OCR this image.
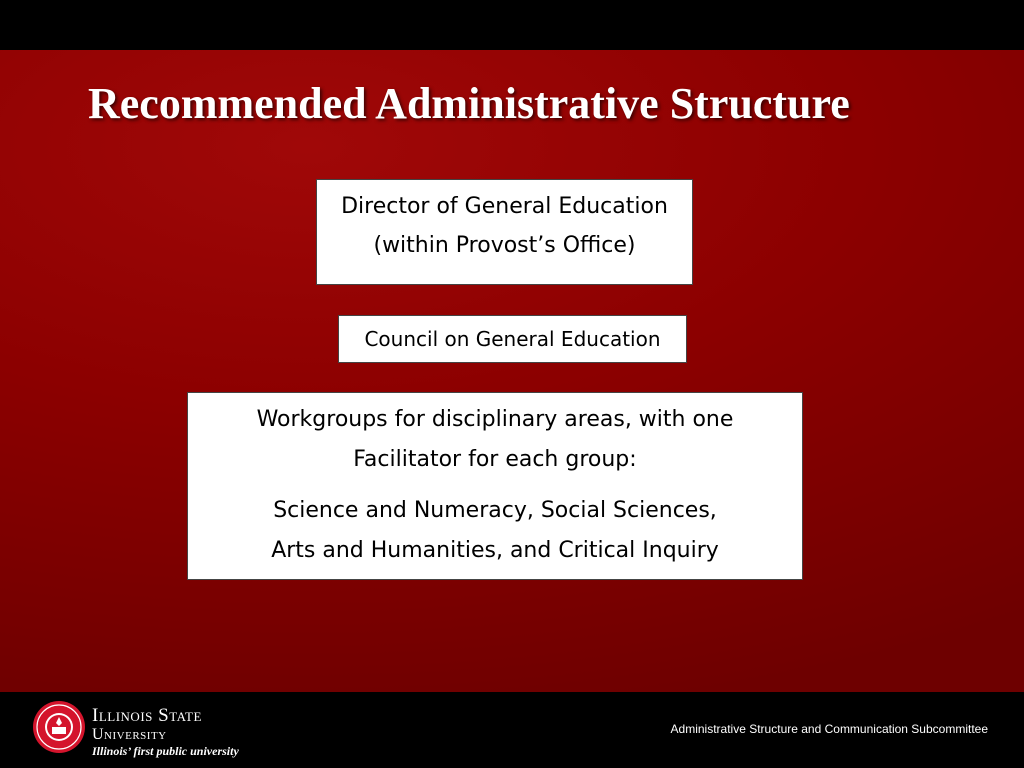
Recommended Administrative Structure

Director of General Education

(within Provost’s Office)

Council on General Education

Workgroups for disciplinary areas, with one

Facilitator for each group:

Science and Numeracy, Social Sciences,

Arts and Humanities, and Critical Inquiry

Illinois State
University
Illinois’ first public university
Administrative Structure and Communication Subcommittee
